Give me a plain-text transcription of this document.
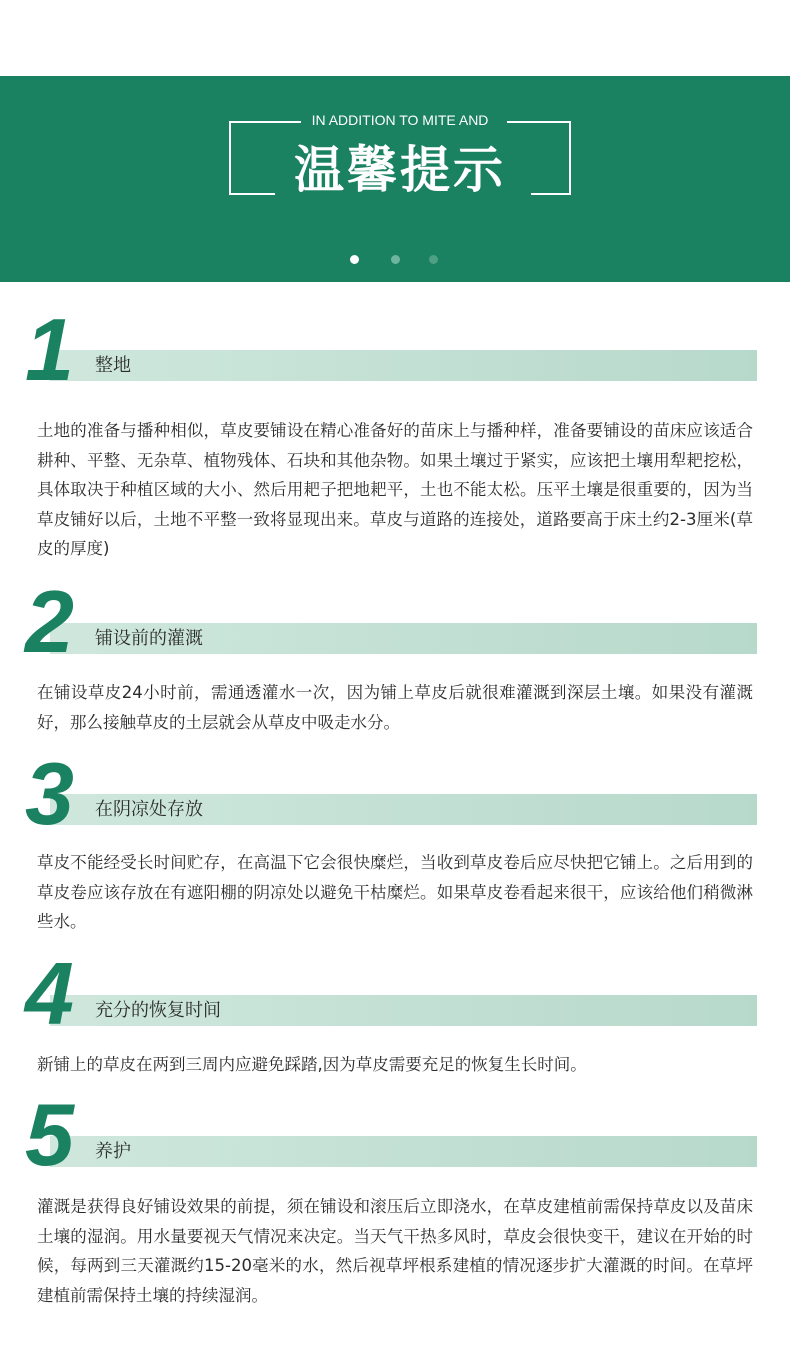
IN ADDITION TO MITE AND
温馨提示
1 整地
土地的准备与播种相似，草皮要铺设在精心准备好的苗床上与播种样，准备要铺设的苗床应该适合耕种、平整、无杂草、植物残体、石块和其他杂物。如果土壤过于紧实，应该把土壤用犁耙挖松，具体取决于种植区域的大小、然后用耙子把地耙平，土也不能太松。压平土壤是很重要的，因为当草皮铺好以后，土地不平整一致将显现出来。草皮与道路的连接处，道路要高于床土约2-3厘米(草皮的厚度)
2 铺设前的灌溉
在铺设草皮24小时前，需通透灌水一次，因为铺上草皮后就很难灌溉到深层土壤。如果没有灌溉好，那么接触草皮的土层就会从草皮中吸走水分。
3 在阴凉处存放
草皮不能经受长时间贮存，在高温下它会很快糜烂，当收到草皮卷后应尽快把它铺上。之后用到的草皮卷应该存放在有遮阳棚的阴凉处以避免干枯糜烂。如果草皮卷看起来很干，应该给他们稍微淋些水。
4 充分的恢复时间
新铺上的草皮在两到三周内应避免踩踏,因为草皮需要充足的恢复生长时间。
5 养护
灌溉是获得良好铺设效果的前提，须在铺设和滚压后立即浇水，在草皮建植前需保持草皮以及苗床土壤的湿润。用水量要视天气情况来决定。当天气干热多风时，草皮会很快变干，建议在开始的时候，每两到三天灌溉约15-20毫米的水，然后视草坪根系建植的情况逐步扩大灌溉的时间。在草坪建植前需保持土壤的持续湿润。
